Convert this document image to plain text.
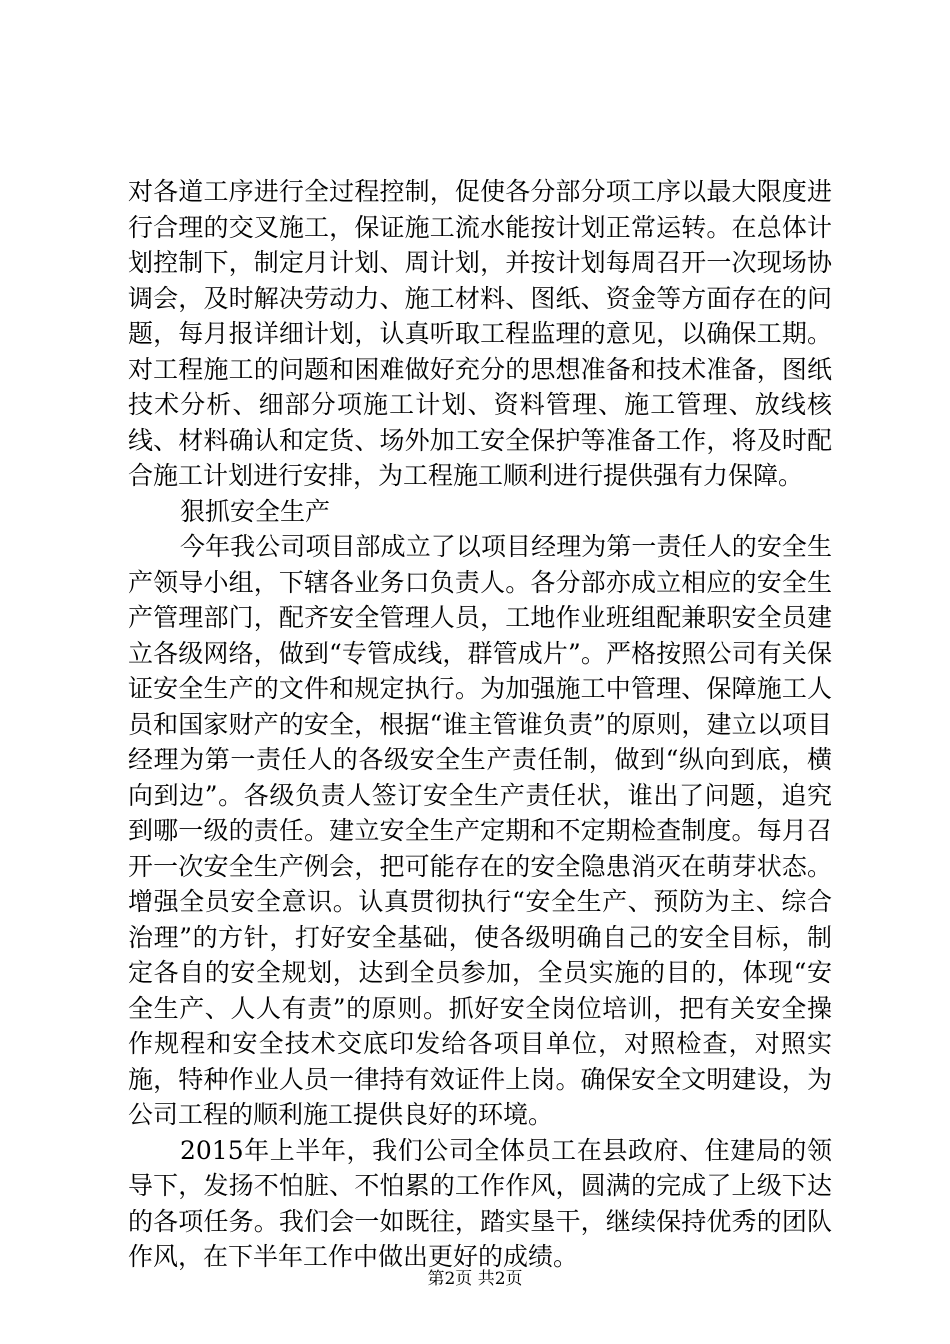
对各道工序进行全过程控制，促使各分部分项工序以最大限度进行合理的交叉施工，保证施工流水能按计划正常运转。在总体计划控制下，制定月计划、周计划，并按计划每周召开一次现场协调会，及时解决劳动力、施工材料、图纸、资金等方面存在的问题，每月报详细计划，认真听取工程监理的意见，以确保工期。对工程施工的问题和困难做好充分的思想准备和技术准备，图纸技术分析、细部分项施工计划、资料管理、施工管理、放线核线、材料确认和定货、场外加工安全保护等准备工作，将及时配合施工计划进行安排，为工程施工顺利进行提供强有力保障。

狠抓安全生产

今年我公司项目部成立了以项目经理为第一责任人的安全生产领导小组，下辖各业务口负责人。各分部亦成立相应的安全生产管理部门，配齐安全管理人员，工地作业班组配兼职安全员建立各级网络，做到“专管成线，群管成片”。严格按照公司有关保证安全生产的文件和规定执行。为加强施工中管理、保障施工人员和国家财产的安全，根据“谁主管谁负责”的原则，建立以项目经理为第一责任人的各级安全生产责任制，做到“纵向到底，横向到边”。各级负责人签订安全生产责任状，谁出了问题，追究到哪一级的责任。建立安全生产定期和不定期检查制度。每月召开一次安全生产例会，把可能存在的安全隐患消灭在萌芽状态。增强全员安全意识。认真贯彻执行“安全生产、预防为主、综合治理”的方针，打好安全基础，使各级明确自己的安全目标，制定各自的安全规划，达到全员参加，全员实施的目的，体现“安全生产、人人有责”的原则。抓好安全岗位培训，把有关安全操作规程和安全技术交底印发给各项目单位，对照检查，对照实施，特种作业人员一律持有效证件上岗。确保安全文明建设，为公司工程的顺利施工提供良好的环境。

2015年上半年，我们公司全体员工在县政府、住建局的领导下，发扬不怕脏、不怕累的工作作风，圆满的完成了上级下达的各项任务。我们会一如既往，踏实垦干，继续保持优秀的团队作风，在下半年工作中做出更好的成绩。

第2页 共2页
